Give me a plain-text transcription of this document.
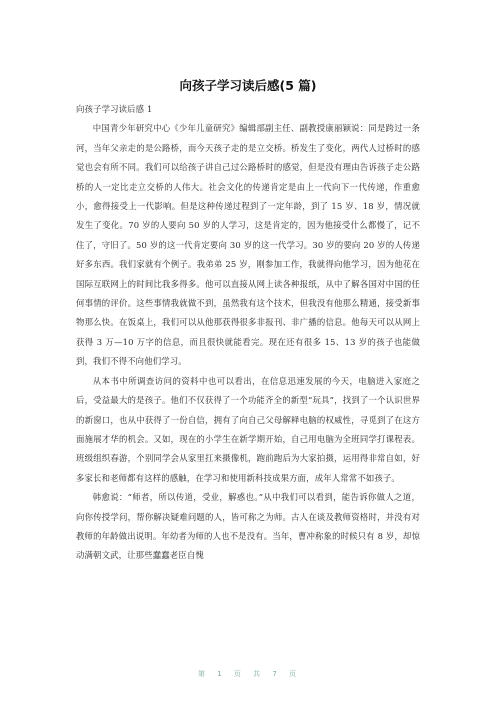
向孩子学习读后感(5 篇)

向孩子学习读后感 1

中国青少年研究中心《少年儿童研究》编辑部副主任、副教授康丽颖说：同是跨过一条河，当年父亲走的是公路桥，而今天孩子走的是立交桥。桥发生了变化，两代人过桥时的感觉也会有所不同。我们可以给孩子讲自己过公路桥时的感觉，但是没有理由告诉孩子走公路桥的人一定比走立交桥的人伟大。社会文化的传递肯定是由上一代向下一代传递，作重愈小，愈得接受上一代影响。但是这种传递过程到了一定年龄，到了 15 岁、18 岁，情况就发生了变化。70 岁的人要向 50 岁的人学习，这是肯定的，因为他接受什么都慢了，记不住了，守旧了。50 岁的这一代肯定要向 30 岁的这一代学习。30 岁的要向 20 岁的人传递好多东西。我们家就有个例子。我弟弟 25 岁，刚参加工作，我就得向他学习，因为他花在国际互联网上的时间比我多得多。他可以直接从网上读各种报纸，从中了解各国对中国的任何事情的评价。这些事情我就做不到，虽然我有这个技术，但我没有他那么精通，接受新事物那么快。在饭桌上，我们可以从他那获得很多非报刊、非广播的信息。他每天可以从网上获得 3 万—10 万字的信息，而且很快就能看完。现在还有很多 15、13 岁的孩子也能做到，我们不得不向他们学习。

从本书中所调查访问的资料中也可以看出，在信息迅速发展的今天，电脑进入家庭之后，受益最大的是孩子。他们不仅获得了一个功能齐全的新型“玩具”，找到了一个认识世界的新窗口，也从中获得了一份自信，拥有了向自己父母解释电脑的权威性，寻觅到了在这方面施展才华的机会。又如，现在的小学生在新学期开始，自己用电脑为全班同学打课程表。班级组织春游，个别同学会从家里扛来摄像机，跑前跑后为大家拍摄，运用得非常自如，好多家长和老师都有这样的感触，在学习和使用新科技成果方面，成年人常常不如孩子。

韩愈说：“师者，所以传道，受业，解惑也。”从中我们可以看到，能告诉你做人之道，向你传授学问，帮你解决疑难问题的人，皆可称之为师。古人在谈及教师资格时，并没有对教师的年龄做出说明。年幼者为师的人也不是没有。当年，曹冲称象的时候只有 8 岁，却惊动满朝文武，让那些蠢蠢老臣自愧

第 1 页 共 7 页
